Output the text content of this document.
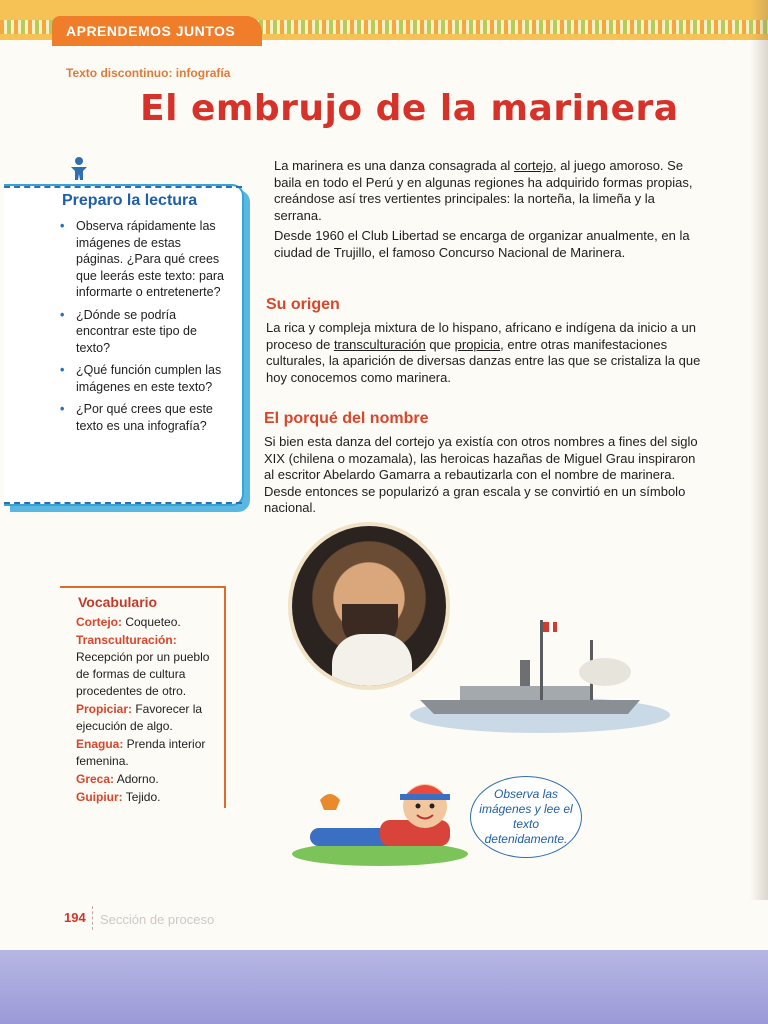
APRENDEMOS JUNTOS
Texto discontinuo: infografía
El embrujo de la marinera
Preparo la lectura
• Observa rápidamente las imágenes de estas páginas. ¿Para qué crees que leerás este texto: para informarte o entretenerte?
• ¿Dónde se podría encontrar este tipo de texto?
• ¿Qué función cumplen las imágenes en este texto?
• ¿Por qué crees que este texto es una infografía?
La marinera es una danza consagrada al cortejo, al juego amoroso. Se baila en todo el Perú y en algunas regiones ha adquirido formas propias, creándose así tres vertientes principales: la norteña, la limeña y la serrana.
Desde 1960 el Club Libertad se encarga de organizar anualmente, en la ciudad de Trujillo, el famoso Concurso Nacional de Marinera.
Su origen
La rica y compleja mixtura de lo hispano, africano e indígena da inicio a un proceso de transculturación que propicia, entre otras manifestaciones culturales, la aparición de diversas danzas entre las que se cristaliza la que hoy conocemos como marinera.
El porqué del nombre
Si bien esta danza del cortejo ya existía con otros nombres a fines del siglo XIX (chilena o mozamala), las heroicas hazañas de Miguel Grau inspiraron al escritor Abelardo Gamarra a rebautizarla con el nombre de marinera. Desde entonces se popularizó a gran escala y se convirtió en un símbolo nacional.
Vocabulario

Cortejo: Coqueteo.

Transculturación: Recepción por un pueblo de formas de cultura procedentes de otro.

Propiciar: Favorecer la ejecución de algo.

Enagua: Prenda interior femenina.

Greca: Adorno.

Guipiur: Tejido.	Observa las imágenes y lee el texto detenidamente.
194 Sección de proceso
